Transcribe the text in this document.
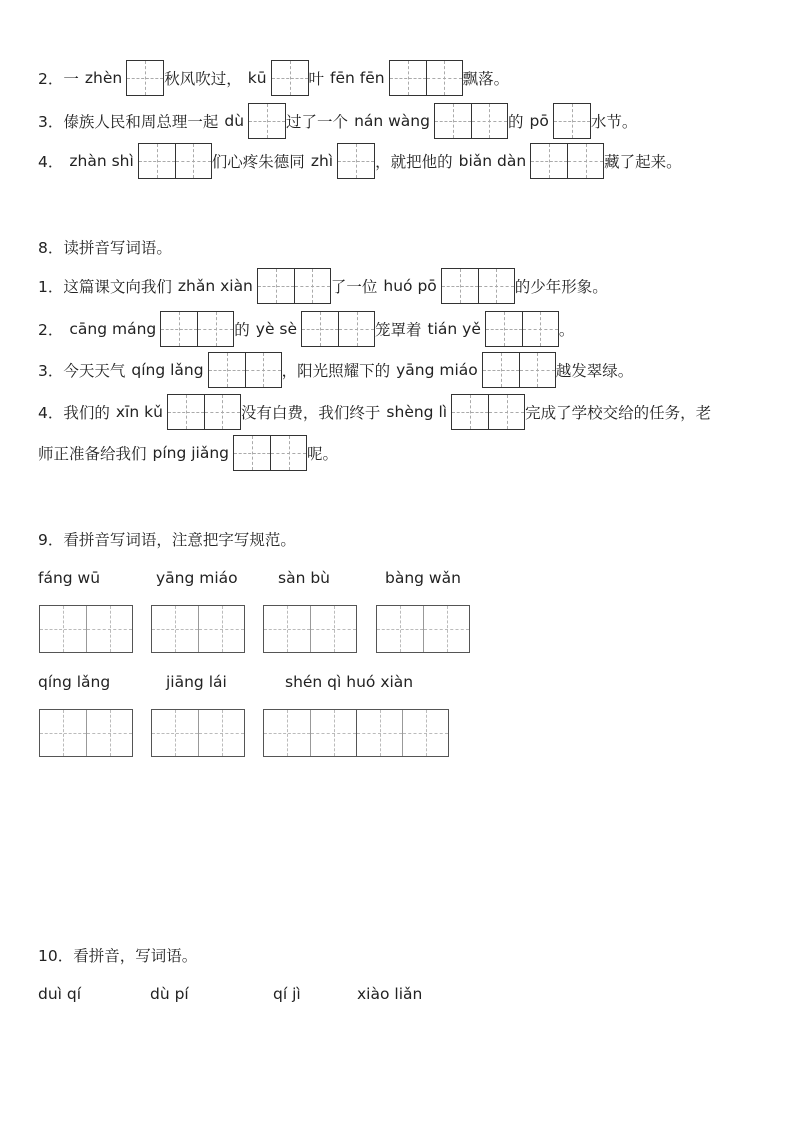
2．一 zhèn	秋风吹过， kū	叶 fēn fēn	飘落。
3．傣族人民和周总理一起 dù	过了一个 nán wàng	的 pō	水节。
4． zhàn shì	们心疼朱德同 zhì	，就把他的 biǎn dàn	藏了起来。
8．读拼音写词语。
1．这篇课文向我们 zhǎn xiàn	了一位 huó pō	的少年形象。
2． cāng máng	的 yè sè	笼罩着 tián yě	。
3．今天天气 qíng lǎng	，阳光照耀下的 yāng miáo	越发翠绿。
4．我们的 xīn kǔ	没有白费，我们终于 shèng lì	完成了学校交给的任务，老
师正准备给我们 píng jiǎng	呢。
9．看拼音写词语，注意把字写规范。
fáng wū	yāng miáo	sàn bù	bàng wǎn
qíng lǎng	jiāng lái	shén qì huó xiàn
10．看拼音，写词语。
duì qí	dù pí	qí jì	xiào liǎn
